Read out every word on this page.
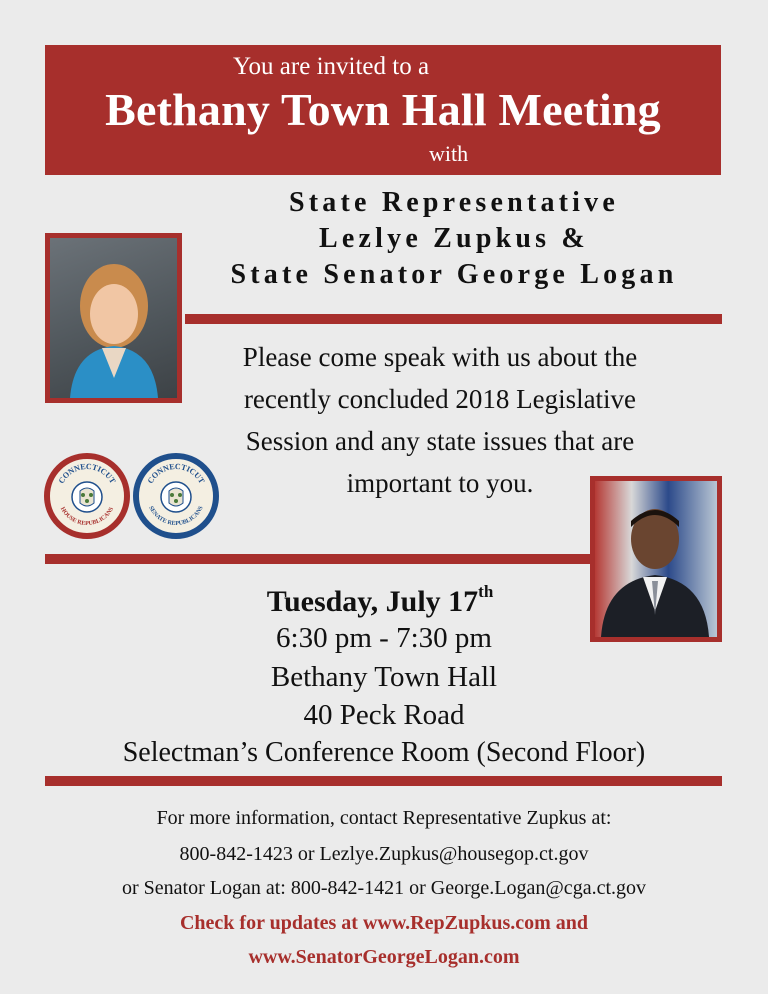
You are invited to a
Bethany Town Hall Meeting
with
State Representative
Lezlye Zupkus &
State Senator George Logan
Please come speak with us about the
recently concluded 2018 Legislative
Session and any state issues that are
important to you.
CONNECTICUT
HOUSE REPUBLICANS
CONNECTICUT
SENATE REPUBLICANS
Tuesday, July 17th
6:30 pm - 7:30 pm
Bethany Town Hall
40 Peck Road
Selectman’s Conference Room (Second Floor)
For more information, contact Representative Zupkus at:
800-842-1423 or Lezlye.Zupkus@housegop.ct.gov
or Senator Logan at: 800-842-1421 or George.Logan@cga.ct.gov
Check for updates at www.RepZupkus.com and
www.SenatorGeorgeLogan.com
